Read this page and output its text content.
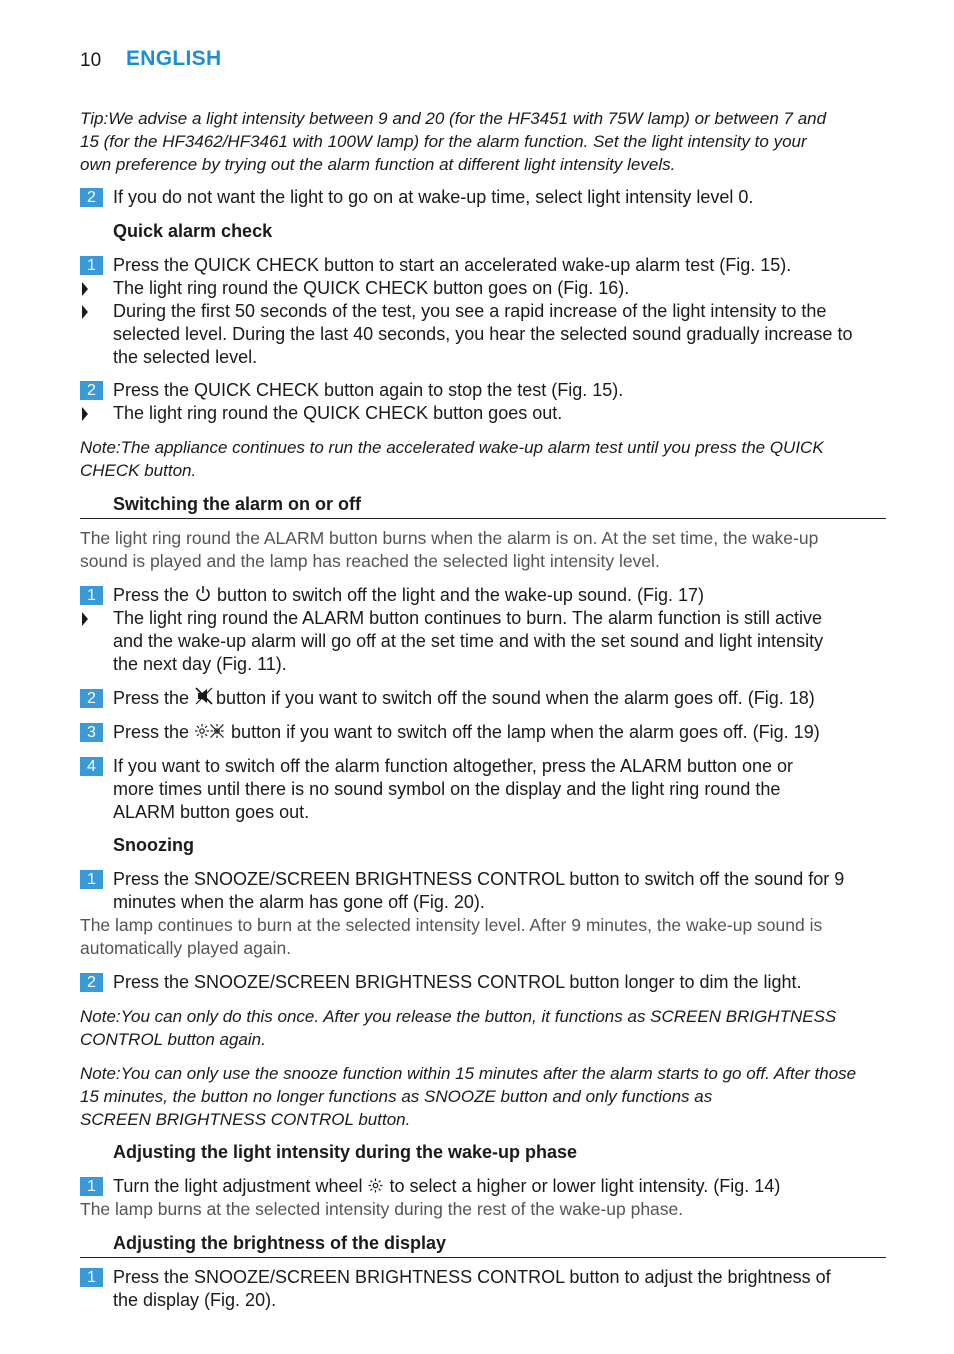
10 ENGLISH
Tip:We advise a light intensity between 9 and 20 (for the HF3451 with 75W lamp) or between 7 and
15 (for the HF3462/HF3461 with 100W lamp) for the alarm function. Set the light intensity to your
own preference by trying out the alarm function at different light intensity levels.
2 If you do not want the light to go on at wake-up time, select light intensity level 0.
Quick alarm check
1 Press the QUICK CHECK button to start an accelerated wake-up alarm test (Fig. 15).
The light ring round the QUICK CHECK button goes on (Fig. 16).
During the first 50 seconds of the test, you see a rapid increase of the light intensity to the
selected level. During the last 40 seconds, you hear the selected sound gradually increase to
the selected level.
2 Press the QUICK CHECK button again to stop the test (Fig. 15).
The light ring round the QUICK CHECK button goes out.
Note:The appliance continues to run the accelerated wake-up alarm test until you press the QUICK
CHECK button.
Switching the alarm on or off
The light ring round the ALARM button burns when the alarm is on. At the set time, the wake-up
sound is played and the lamp has reached the selected light intensity level.
1 Press the button to switch off the light and the wake-up sound. (Fig. 17)
The light ring round the ALARM button continues to burn. The alarm function is still active
and the wake-up alarm will go off at the set time and with the set sound and light intensity
the next day (Fig. 11).
2 Press the button if you want to switch off the sound when the alarm goes off. (Fig. 18)
3 Press the button if you want to switch off the lamp when the alarm goes off. (Fig. 19)
4 If you want to switch off the alarm function altogether, press the ALARM button one or
more times until there is no sound symbol on the display and the light ring round the
ALARM button goes out.
Snoozing
1 Press the SNOOZE/SCREEN BRIGHTNESS CONTROL button to switch off the sound for 9
minutes when the alarm has gone off (Fig. 20).
The lamp continues to burn at the selected intensity level. After 9 minutes, the wake-up sound is
automatically played again.
2 Press the SNOOZE/SCREEN BRIGHTNESS CONTROL button longer to dim the light.
Note:You can only do this once. After you release the button, it functions as SCREEN BRIGHTNESS
CONTROL button again.
Note:You can only use the snooze function within 15 minutes after the alarm starts to go off. After those
15 minutes, the button no longer functions as SNOOZE button and only functions as
SCREEN BRIGHTNESS CONTROL button.
Adjusting the light intensity during the wake-up phase
1 Turn the light adjustment wheel to select a higher or lower light intensity. (Fig. 14)
The lamp burns at the selected intensity during the rest of the wake-up phase.
Adjusting the brightness of the display
1 Press the SNOOZE/SCREEN BRIGHTNESS CONTROL button to adjust the brightness of
the display (Fig. 20).
